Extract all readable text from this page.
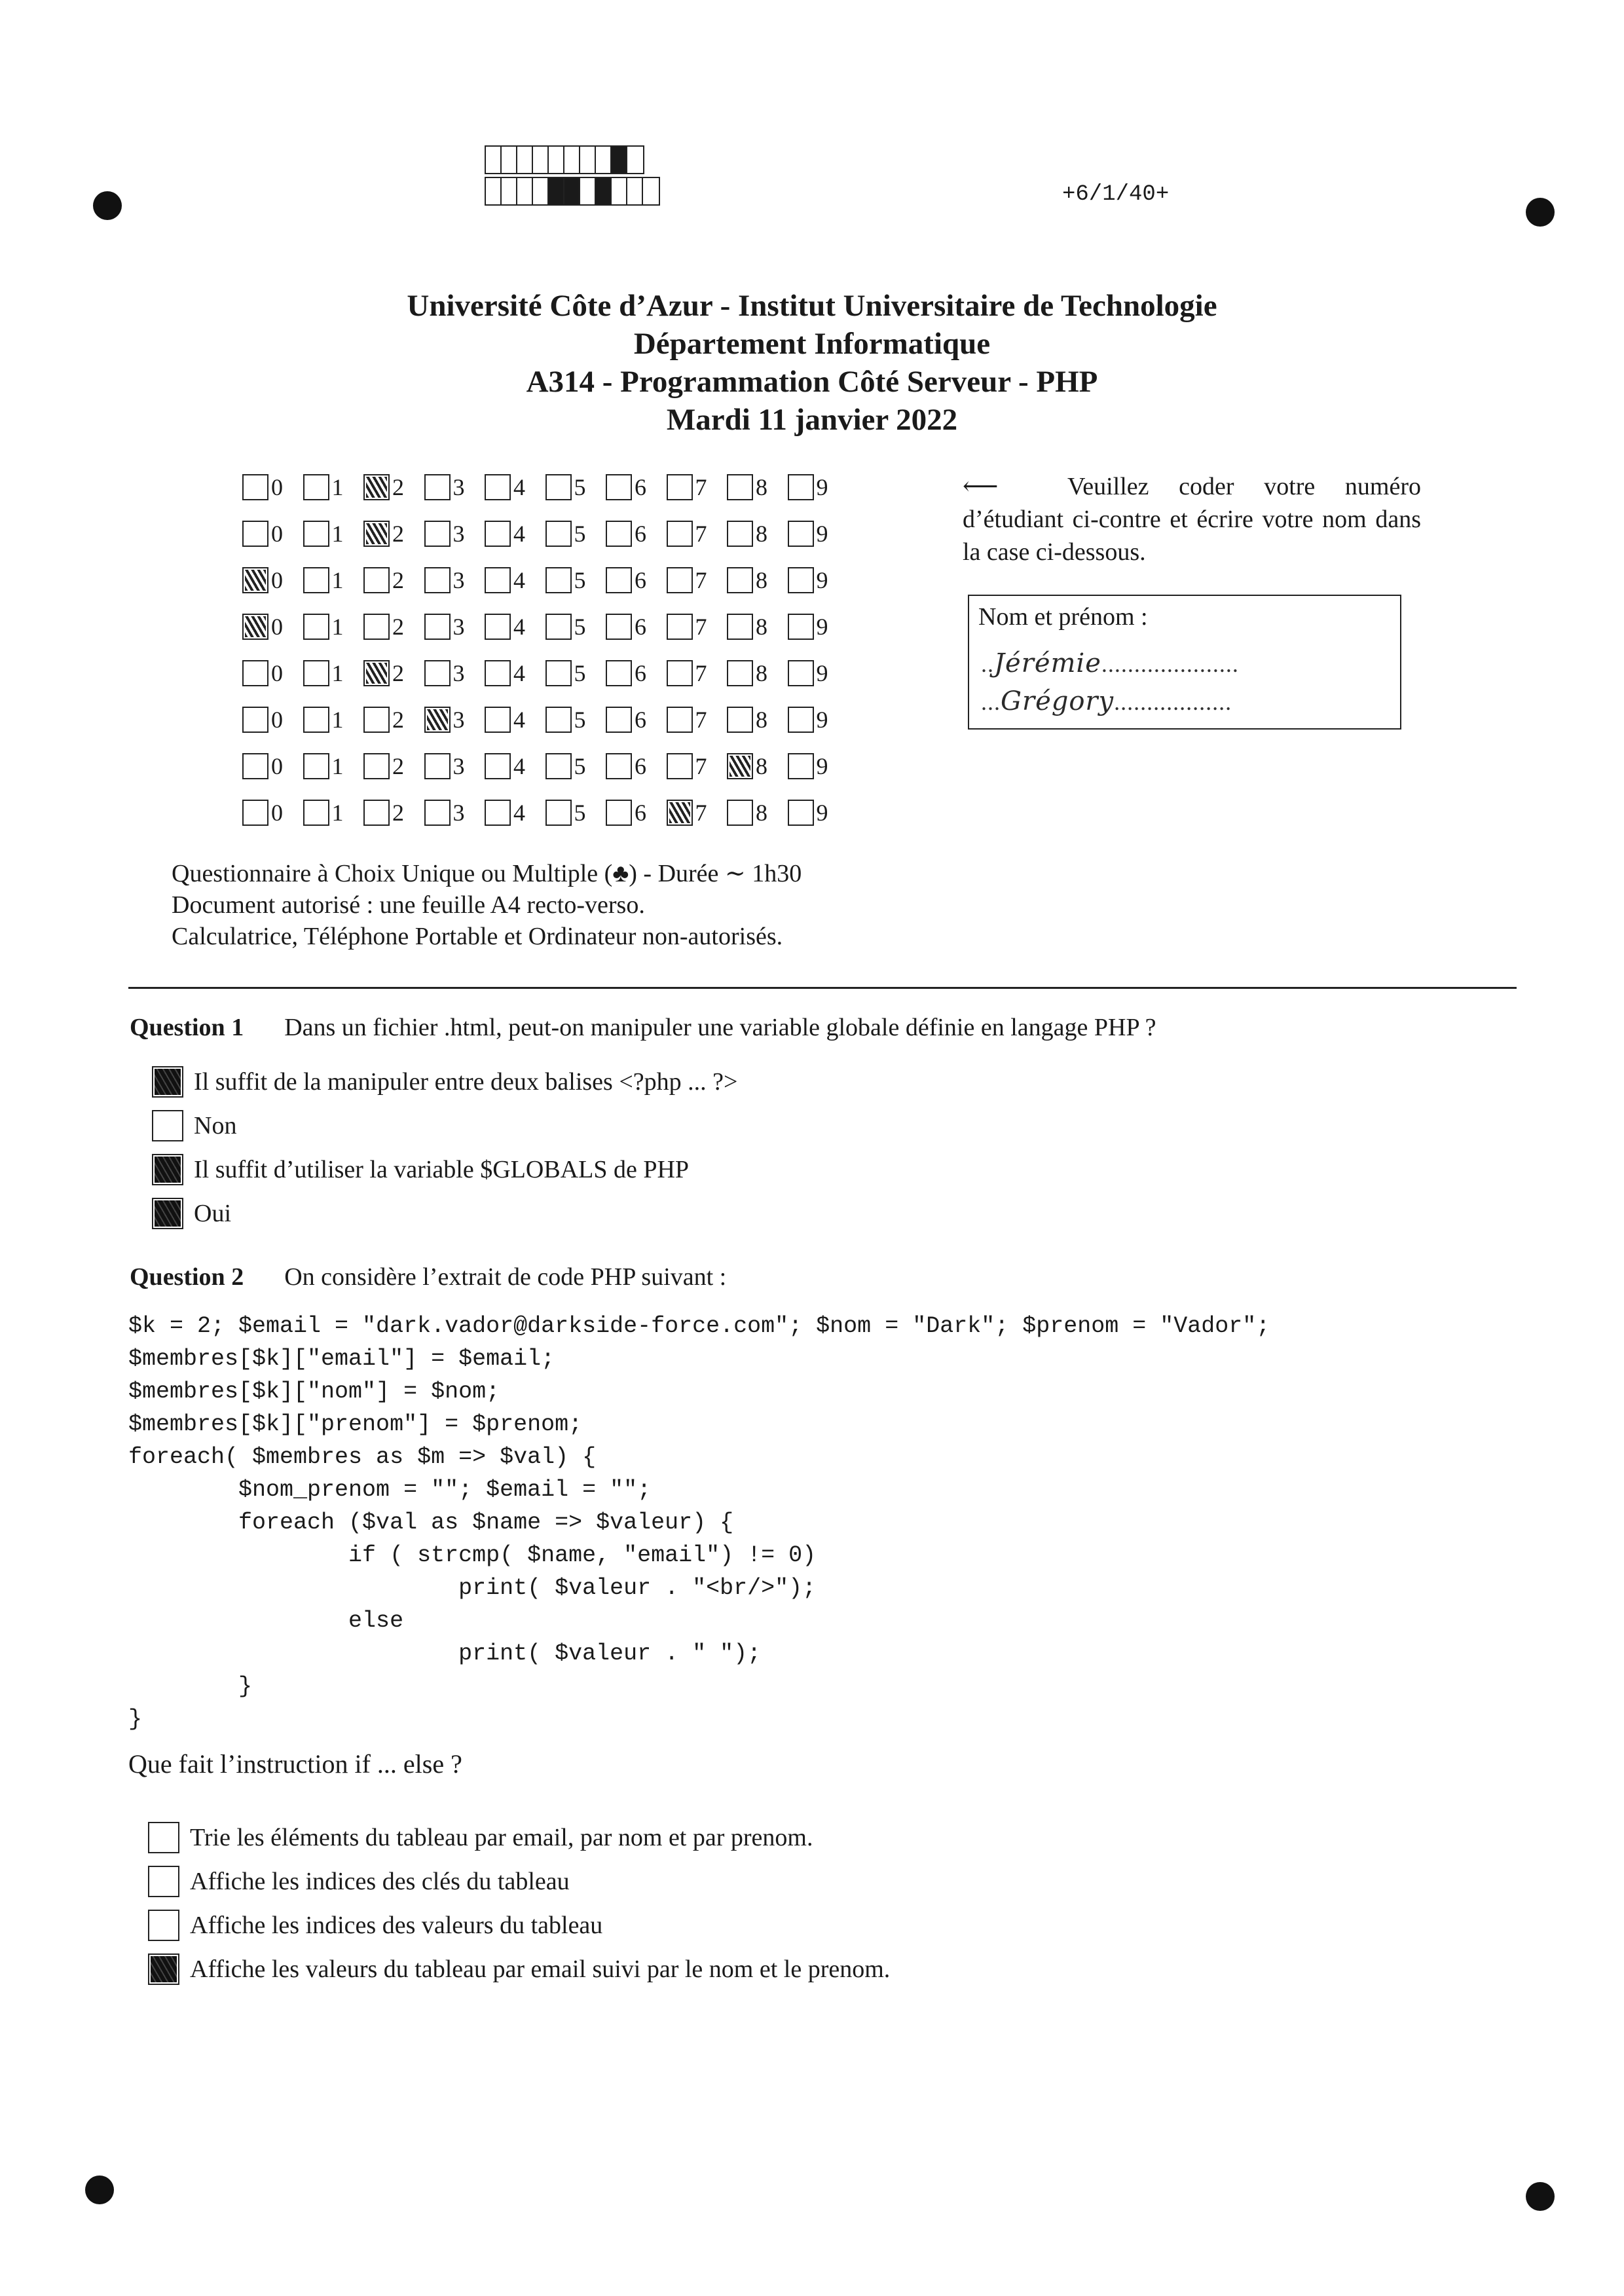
+6/1/40+
Université Côte d’Azur - Institut Universitaire de Technologie
Département Informatique
A314 - Programmation Côté Serveur - PHP
Mardi 11 janvier 2022
0 1 2 3 4 5 6 7 8 9
0 1 2 3 4 5 6 7 8 9
0 1 2 3 4 5 6 7 8 9
0 1 2 3 4 5 6 7 8 9
0 1 2 3 4 5 6 7 8 9
0 1 2 3 4 5 6 7 8 9
0 1 2 3 4 5 6 7 8 9
0 1 2 3 4 5 6 7 8 9
⟵	Veuillez coder votre numéro d’étudiant ci-contre et écrire votre nom dans la case ci-dessous.
Nom et prénom :
..Jérémie.....................
...Grégory..................
Questionnaire à Choix Unique ou Multiple (♣) - Durée ∼ 1h30
Document autorisé : une feuille A4 recto-verso.
Calculatrice, Téléphone Portable et Ordinateur non-autorisés.
Question 1 Dans un fichier .html, peut-on manipuler une variable globale définie en langage PHP ?
Il suffit de la manipuler entre deux balises <?php ... ?>
Non
Il suffit d’utiliser la variable $GLOBALS de PHP
Oui
Question 2 On considère l’extrait de code PHP suivant :
$k = 2; $email = "dark.vador@darkside-force.com"; $nom = "Dark"; $prenom = "Vador";
$membres[$k]["email"] = $email;
$membres[$k]["nom"] = $nom;
$membres[$k]["prenom"] = $prenom;
foreach( $membres as $m => $val) {
$nom_prenom = ""; $email = "";
foreach ($val as $name => $valeur) {
if ( strcmp( $name, "email") != 0)
print( $valeur . "<br/>");
else
print( $valeur . " ");
}
}
Que fait l’instruction if ... else ?
Trie les éléments du tableau par email, par nom et par prenom.
Affiche les indices des clés du tableau
Affiche les indices des valeurs du tableau
Affiche les valeurs du tableau par email suivi par le nom et le prenom.
